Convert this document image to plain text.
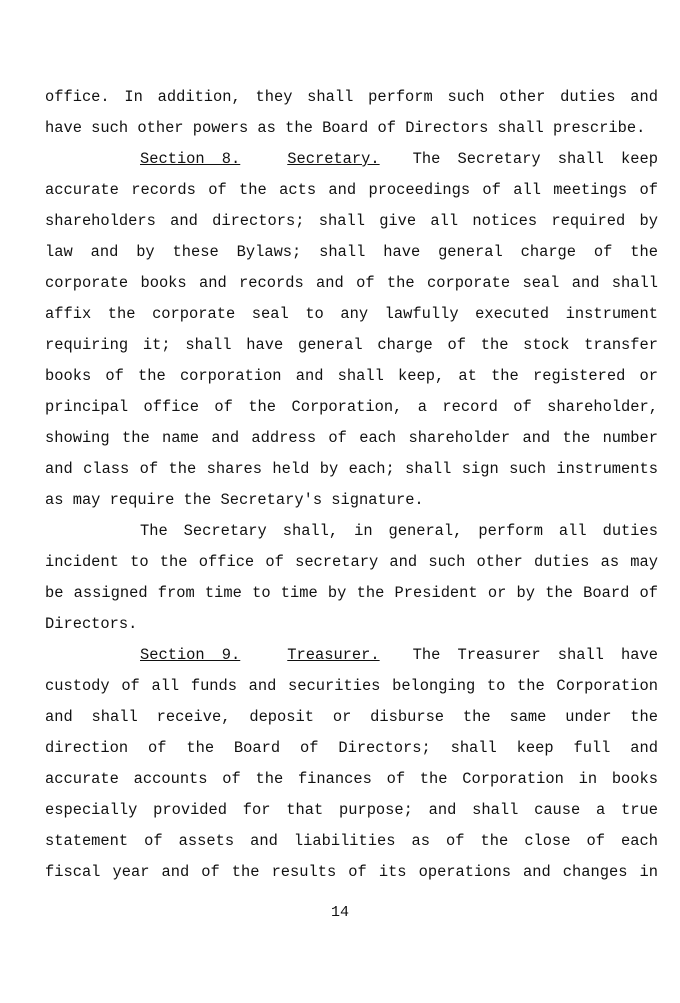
office. In addition, they shall perform such other duties and
have such other powers as the Board of Directors shall prescribe.
Section 8.	Secretary. The Secretary shall keep
accurate records of the acts and proceedings of all meetings of
shareholders and directors; shall give all notices required by
law and by these Bylaws; shall have general charge of the
corporate books and records and of the corporate seal and shall
affix the corporate seal to any lawfully executed instrument
requiring it; shall have general charge of the stock transfer
books of the corporation and shall keep, at the registered or
principal office of the Corporation, a record of shareholder,
showing the name and address of each shareholder and the number
and class of the shares held by each; shall sign such instruments
as may require the Secretary's signature.
The Secretary shall, in general, perform all duties
incident to the office of secretary and such other duties as may
be assigned from time to time by the President or by the Board of
Directors.
Section 9.	Treasurer. The Treasurer shall have
custody of all funds and securities belonging to the Corporation
and shall receive, deposit or disburse the same under the
direction of the Board of Directors; shall keep full and
accurate accounts of the finances of the Corporation in books
especially provided for that purpose; and shall cause a true
statement of assets and liabilities as of the close of each
fiscal year and of the results of its operations and changes in
14
